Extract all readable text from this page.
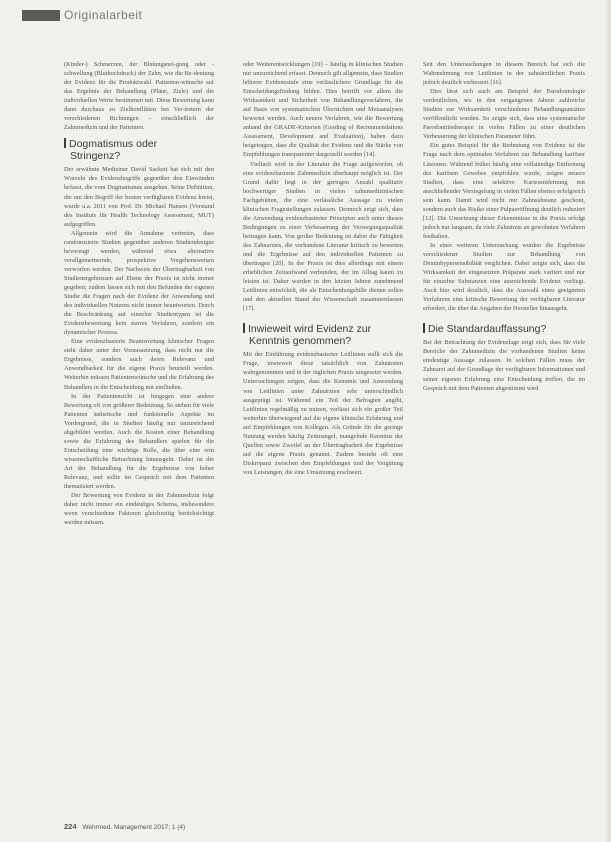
Originalarbeit

(Kinder-) Schmerzen, der Blutungsnei-gung oder -schwellung (Bluthochdruck) der Zahn, wie die Be-deutung der Evidenz für die Produktwahl. Patienten-wünsche auf das Ergebnis der Behandlung (Pläne, Ziele) und die individuellen Werte bestimmen mit. Diese Bewertung kann dann durchaus zu Zielkonflikten bei Ver-tretern der verschiedenen Richtungen – einschließlich der Zahnmedizin und der Patienten.

Dogmatismus oder
Stringenz?

Der erwähnte Mediziner David Sackett hat sich mit den Wurzeln des Evidenzbegriffs gegenüber den Einwänden befasst, die vom Dogmatismus ausgehen. Seine Definition, die um den Begriff der besten verfügbaren Evidenz kreist, wurde u.a. 2011 von Prof. Dr. Michael Hansen (Vorstand des Instituts für Health Technology Assessment, MUT) aufgegriffen.

Allgemein wird die Annahme vertreten, dass randomisierte Studien gegenüber anderen Studiendesigns bevorzugt werden, während etwa alternative verallgemeinernde, prospektive Vorgehensweisen verworfen werden. Der Nachweis der Übertragbarkeit von Studienergebnissen auf Ebene der Praxis ist nicht immer gegeben; zudem lassen sich mit den Befunden der eigenen Studie die Fragen nach der Evidenz der Anwendung und des individuellen Nutzens nicht immer beantworten. Durch die Beschränkung auf einzelne Studientypen ist die Evidenzbewertung kein starres Verfahren, sondern ein dynamischer Prozess.

Eine evidenzbasierte Beantwortung klinischer Fragen steht daher unter der Voraussetzung, dass nicht nur die Ergebnisse, sondern auch deren Relevanz und Anwendbarkeit für die eigene Praxis beurteilt werden. Weiterhin müssen Patientenwünsche und die Erfahrung des Behandlers in die Entscheidung mit einfließen.

In der Patientensicht ist hingegen eine andere Bewertung oft von größerer Bedeutung. So stehen für viele Patienten ästhetische und funktionelle Aspekte im Vordergrund, die in Studien häufig nur unzureichend abgebildet werden. Auch die Kosten einer Behandlung sowie die Erfahrung des Behandlers spielen für die Entscheidung eine wichtige Rolle, die über eine rein wissenschaftliche Betrachtung hinausgeht. Dabei ist die Art der Behandlung für die Ergebnisse von hoher Relevanz, und sollte im Gespräch mit dem Patienten thematisiert werden.

Der Bewertung von Evidenz in der Zahnmedizin folgt daher nicht immer ein eindeutiges Schema, insbesondere wenn verschiedene Faktoren gleichzeitig berücksichtigt werden müssen.

oder Weiterentwicklungen [19] – häufig in klinischen Studien nur unzureichend erfasst. Dennoch gilt allgemein, dass Studien höherer Evidenzstufe eine verlässlichere Grundlage für die Entscheidungsfindung bilden. Dies betrifft vor allem die Wirksamkeit und Sicherheit von Behandlungsverfahren, die auf Basis von systematischen Übersichten und Metaanalysen bewertet werden. Auch neuere Verfahren, wie die Bewertung anhand der GRADE-Kriterien (Grading of Recommendations Assessment, Development and Evaluation), haben dazu beigetragen, dass die Qualität der Evidenz und die Stärke von Empfehlungen transparenter dargestellt werden [14].

Vielfach wird in der Literatur die Frage aufgeworfen, ob eine evidenzbasierte Zahnmedizin überhaupt möglich ist. Der Grund dafür liegt in der geringen Anzahl qualitativ hochwertiger Studien in vielen zahnmedizinischen Fachgebieten, die eine verlässliche Aussage zu vielen klinischen Fragestellungen zulassen. Dennoch zeigt sich, dass die Anwendung evidenzbasierter Prinzipien auch unter diesen Bedingungen zu einer Verbesserung der Versorgungsqualität beitragen kann. Von großer Bedeutung ist dabei die Fähigkeit des Zahnarztes, die vorhandene Literatur kritisch zu bewerten und die Ergebnisse auf den individuellen Patienten zu übertragen [20]. In der Praxis ist dies allerdings mit einem erheblichen Zeitaufwand verbunden, der im Alltag kaum zu leisten ist. Daher wurden in den letzten Jahren zunehmend Leitlinien entwickelt, die als Entscheidungshilfe dienen sollen und den aktuellen Stand der Wissenschaft zusammenfassen [17].

Inwieweit wird Evidenz zur
Kenntnis genommen?

Mit der Einführung evidenzbasierter Leitlinien stellt sich die Frage, inwieweit diese tatsächlich von Zahnärzten wahrgenommen und in der täglichen Praxis umgesetzt werden. Untersuchungen zeigen, dass die Kenntnis und Anwendung von Leitlinien unter Zahnärzten sehr unterschiedlich ausgeprägt ist. Während ein Teil der Befragten angibt, Leitlinien regelmäßig zu nutzen, verlässt sich ein großer Teil weiterhin überwiegend auf die eigene klinische Erfahrung und auf Empfehlungen von Kollegen. Als Gründe für die geringe Nutzung werden häufig Zeitmangel, mangelnde Kenntnis der Quellen sowie Zweifel an der Übertragbarkeit der Ergebnisse auf die eigene Praxis genannt. Zudem besteht oft eine Diskrepanz zwischen den Empfehlungen und der Vergütung von Leistungen, die eine Umsetzung erschwert.

Seit den Untersuchungen in diesem Bereich hat sich die Wahrnehmung von Leitlinien in der zahnärztlichen Praxis jedoch deutlich verbessert [16].

Dies lässt sich auch am Beispiel der Parodontologie verdeutlichen, wo in den vergangenen Jahren zahlreiche Studien zur Wirksamkeit verschiedener Behandlungsansätze veröffentlicht wurden. So zeigte sich, dass eine systematische Parodontitistherapie in vielen Fällen zu einer deutlichen Verbesserung der klinischen Parameter führt.

Ein gutes Beispiel für die Bedeutung von Evidenz ist die Frage nach dem optimalen Verfahren zur Behandlung kariöser Läsionen. Während früher häufig eine vollständige Entfernung des kariösen Gewebes empfohlen wurde, zeigen neuere Studien, dass eine selektive Kariesentfernung mit anschließender Versiegelung in vielen Fällen ebenso erfolgreich sein kann. Damit wird nicht nur Zahnsubstanz geschont, sondern auch das Risiko einer Pulpaeröffnung deutlich reduziert [12]. Die Umsetzung dieser Erkenntnisse in die Praxis erfolgt jedoch nur langsam, da viele Zahnärzte an gewohnten Verfahren festhalten.

In einer weiteren Untersuchung wurden die Ergebnisse verschiedener Studien zur Behandlung von Dentinhypersensibilität verglichen. Dabei zeigte sich, dass die Wirksamkeit der eingesetzten Präparate stark variiert und nur für einzelne Substanzen eine ausreichende Evidenz vorliegt. Auch hier wird deutlich, dass die Auswahl eines geeigneten Verfahrens eine kritische Bewertung der verfügbaren Literatur erfordert, die über die Angaben der Hersteller hinausgeht.

Die Standardauffassung?

Bei der Betrachtung der Evidenzlage zeigt sich, dass für viele Bereiche der Zahnmedizin die vorhandenen Studien keine eindeutige Aussage zulassen. In solchen Fällen muss der Zahnarzt auf der Grundlage der verfügbaren Informationen und seiner eigenen Erfahrung eine Entscheidung treffen, die im Gespräch mit dem Patienten abgestimmt wird.

224 Wehrmed. Management 2017; 1 (4)
